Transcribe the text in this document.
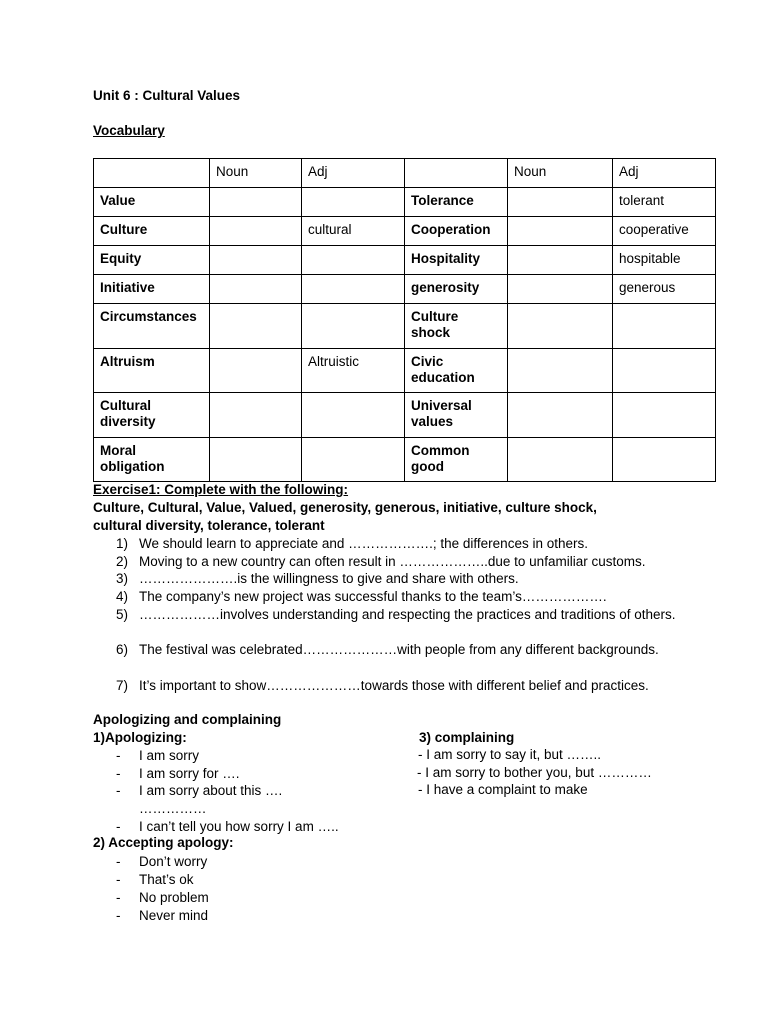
Unit 6 : Cultural Values
Vocabulary
	Noun	Adj		Noun	Adj
Value			Tolerance		tolerant
Culture		cultural	Cooperation		cooperative
Equity			Hospitality		hospitable
Initiative			generosity		generous
Circumstances			Culture shock		
Altruism		Altruistic	Civic education		
Cultural diversity			Universal values		
Moral obligation			Common good		
Exercise1: Complete with the following:
Culture, Cultural, Value, Valued, generosity, generous, initiative, culture shock,
cultural diversity, tolerance, tolerant
1) We should learn to appreciate and ……………….; the differences in others.
2) Moving to a new country can often result in ………………..due to unfamiliar customs.
3) ………………….is the willingness to give and share with others.
4) The company’s new project was successful thanks to the team’s……………….
5) ………………involves understanding and respecting the practices and traditions of others.
6) The festival was celebrated…………………with people from any different backgrounds.
7) It’s important to show…………………towards those with different belief and practices.
Apologizing and complaining
1)Apologizing:	3) complaining
- I am sorry
- I am sorry for ….
- I am sorry about this ….
……………
- I can’t tell you how sorry I am …..
- I am sorry to say it, but ……..
- I am sorry to bother you, but …………
- I have a complaint to make
2) Accepting apology:
- Don’t worry
- That’s ok
- No problem
- Never mind
